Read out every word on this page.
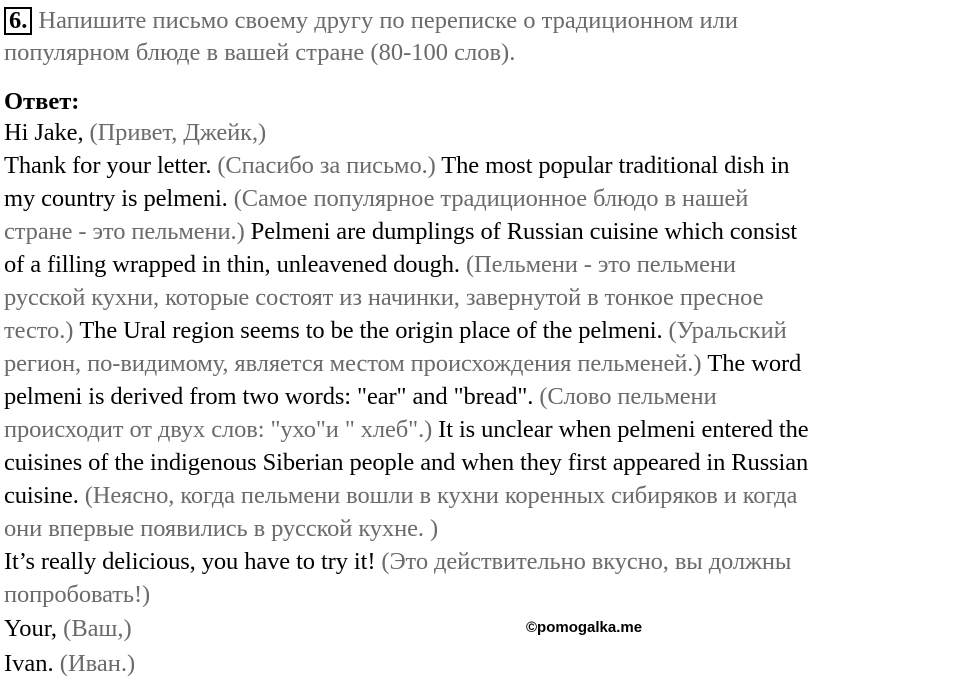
6. Напишите письмо своему другу по переписке о традиционном или
популярном блюде в вашей стране (80-100 слов).
Ответ:
Hi Jake, (Привет, Джейк,)
Thank for your letter. (Спасибо за письмо.) The most popular traditional dish in
my country is pelmeni. (Самое популярное традиционное блюдо в нашей
стране - это пельмени.) Pelmeni are dumplings of Russian cuisine which consist
of a filling wrapped in thin, unleavened dough. (Пельмени - это пельмени
русской кухни, которые состоят из начинки, завернутой в тонкое пресное
тесто.) The Ural region seems to be the origin place of the pelmeni. (Уральский
регион, по-видимому, является местом происхождения пельменей.) The word
pelmeni is derived from two words: "ear" and "bread". (Слово пельмени
происходит от двух слов: "ухо"и " хлеб".) It is unclear when pelmeni entered the
cuisines of the indigenous Siberian people and when they first appeared in Russian
cuisine. (Неясно, когда пельмени вошли в кухни коренных сибиряков и когда
они впервые появились в русской кухне. )
It’s really delicious, you have to try it! (Это действительно вкусно, вы должны
попробовать!)
Your, (Ваш,)	©pomogalka.me
Ivan. (Иван.)
